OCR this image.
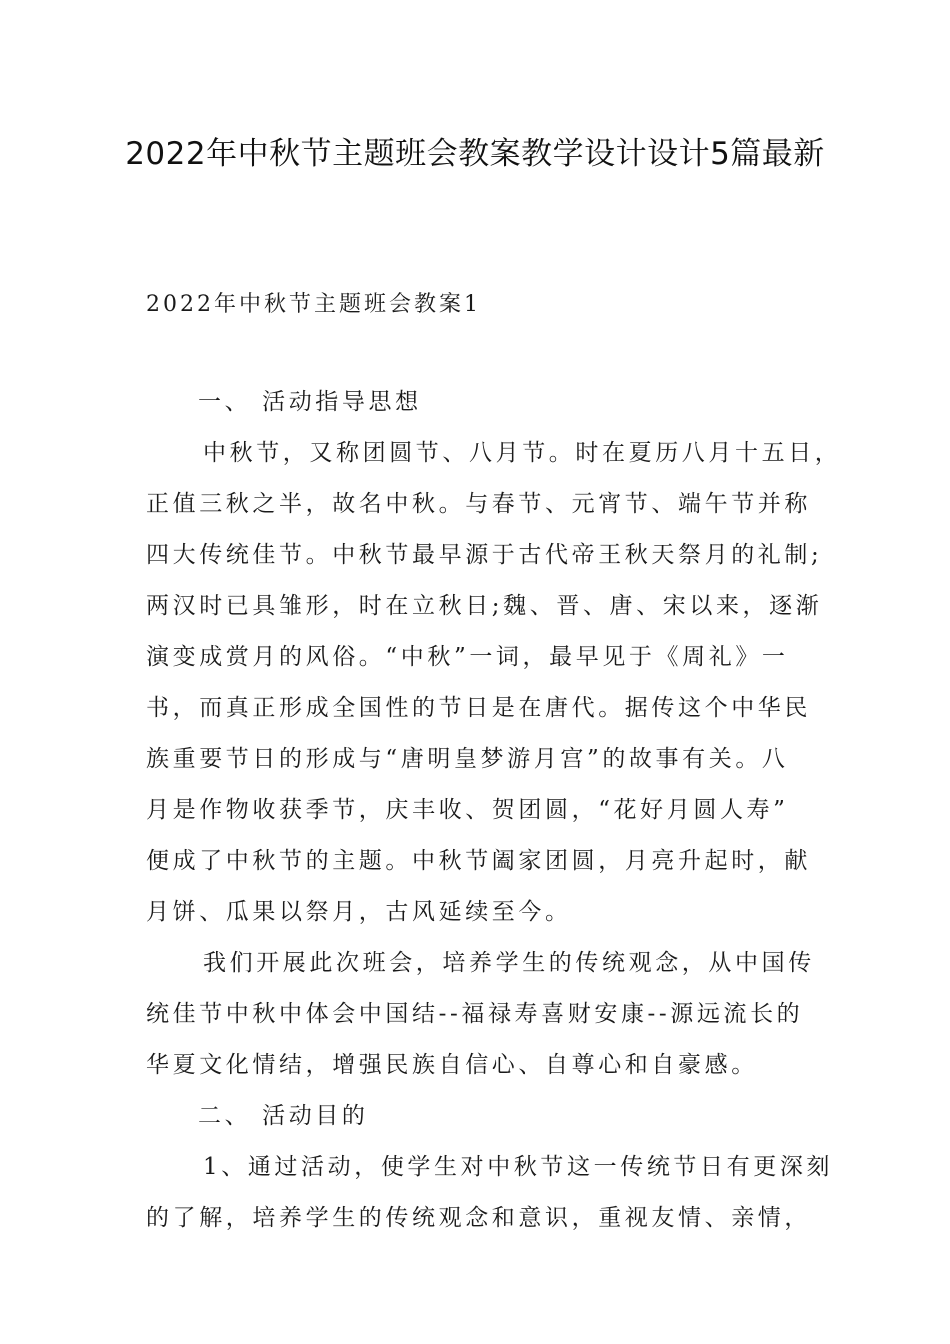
2022年中秋节主题班会教案教学设计设计5篇最新
2022年中秋节主题班会教案1
一、 活动指导思想
中秋节，又称团圆节、八月节。时在夏历八月十五日，
正值三秋之半，故名中秋。与春节、元宵节、端午节并称
四大传统佳节。中秋节最早源于古代帝王秋天祭月的礼制;
两汉时已具雏形，时在立秋日;魏、晋、唐、宋以来，逐渐
演变成赏月的风俗。“中秋”一词，最早见于《周礼》一
书，而真正形成全国性的节日是在唐代。据传这个中华民
族重要节日的形成与“唐明皇梦游月宫”的故事有关。八
月是作物收获季节，庆丰收、贺团圆，“花好月圆人寿”
便成了中秋节的主题。中秋节阖家团圆，月亮升起时，献
月饼、瓜果以祭月，古风延续至今。
我们开展此次班会，培养学生的传统观念，从中国传
统佳节中秋中体会中国结--福禄寿喜财安康--源远流长的
华夏文化情结，增强民族自信心、自尊心和自豪感。
二、 活动目的
1、通过活动，使学生对中秋节这一传统节日有更深刻
的了解，培养学生的传统观念和意识，重视友情、亲情，
